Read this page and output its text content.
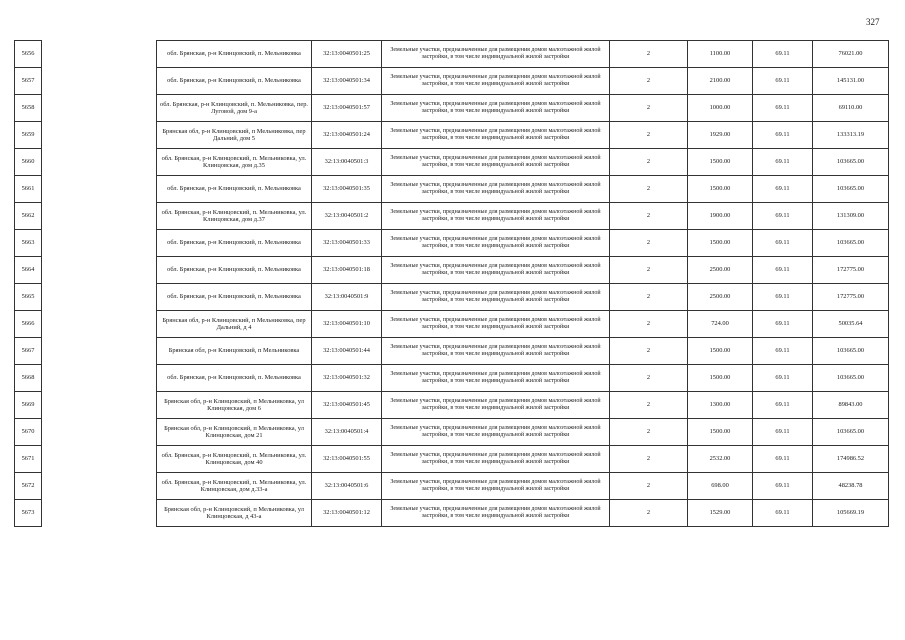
327
5656		обл. Брянская, р-н Клинцовский, п. Мельниковка	32:13:0040501:25	Земельные участки, предназначенные для размещения домов малоэтажной жилой застройки, в том числе индивидуальной жилой застройки	2	1100.00	69.11	76021.00
5657		обл. Брянская, р-н Клинцовский, п. Мельниковка	32:13:0040501:34	Земельные участки, предназначенные для размещения домов малоэтажной жилой застройки, в том числе индивидуальной жилой застройки	2	2100.00	69.11	145131.00
5658		обл. Брянская, р-н Клинцовский, п. Мельниковка, пер. Луговой, дом 9-а	32:13:0040501:57	Земельные участки, предназначенные для размещения домов малоэтажной жилой застройки, в том числе индивидуальной жилой застройки	2	1000.00	69.11	69110.00
5659		Брянская обл, р-н Клинцовский, п Мельниковка, пер Дальний, дом 5	32:13:0040501:24	Земельные участки, предназначенные для размещения домов малоэтажной жилой застройки, в том числе индивидуальной жилой застройки	2	1929.00	69.11	133313.19
5660		обл. Брянская, р-н Клинцовский, п. Мельниковка, ул. Клинцовская, дом д.35	32:13:0040501:3	Земельные участки, предназначенные для размещения домов малоэтажной жилой застройки, в том числе индивидуальной жилой застройки	2	1500.00	69.11	103665.00
5661		обл. Брянская, р-н Клинцовский, п. Мельниковка	32:13:0040501:35	Земельные участки, предназначенные для размещения домов малоэтажной жилой застройки, в том числе индивидуальной жилой застройки	2	1500.00	69.11	103665.00
5662		обл. Брянская, р-н Клинцовский, п. Мельниковка, ул. Клинцовская, дом д.37	32:13:0040501:2	Земельные участки, предназначенные для размещения домов малоэтажной жилой застройки, в том числе индивидуальной жилой застройки	2	1900.00	69.11	131309.00
5663		обл. Брянская, р-н Клинцовский, п. Мельниковка	32:13:0040501:33	Земельные участки, предназначенные для размещения домов малоэтажной жилой застройки, в том числе индивидуальной жилой застройки	2	1500.00	69.11	103665.00
5664		обл. Брянская, р-н Клинцовский, п. Мельниковка	32:13:0040501:18	Земельные участки, предназначенные для размещения домов малоэтажной жилой застройки, в том числе индивидуальной жилой застройки	2	2500.00	69.11	172775.00
5665		обл. Брянская, р-н Клинцовский, п. Мельниковка	32:13:0040501:9	Земельные участки, предназначенные для размещения домов малоэтажной жилой застройки, в том числе индивидуальной жилой застройки	2	2500.00	69.11	172775.00
5666		Брянская обл, р-н Клинцовский, п Мельниковка, пер Дальний, д 4	32:13:0040501:10	Земельные участки, предназначенные для размещения домов малоэтажной жилой застройки, в том числе индивидуальной жилой застройки	2	724.00	69.11	50035.64
5667		Брянская обл, р-н Клинцовский, п Мельниковка	32:13:0040501:44	Земельные участки, предназначенные для размещения домов малоэтажной жилой застройки, в том числе индивидуальной жилой застройки	2	1500.00	69.11	103665.00
5668		обл. Брянская, р-н Клинцовский, п. Мельниковка	32:13:0040501:32	Земельные участки, предназначенные для размещения домов малоэтажной жилой застройки, в том числе индивидуальной жилой застройки	2	1500.00	69.11	103665.00
5669		Брянская обл, р-н Клинцовский, п Мельниковка, ул Клинцовская, дом 6	32:13:0040501:45	Земельные участки, предназначенные для размещения домов малоэтажной жилой застройки, в том числе индивидуальной жилой застройки	2	1300.00	69.11	89843.00
5670		Брянская обл, р-н Клинцовский, п Мельниковка, ул Клинцовская, дом 21	32:13:0040501:4	Земельные участки, предназначенные для размещения домов малоэтажной жилой застройки, в том числе индивидуальной жилой застройки	2	1500.00	69.11	103665.00
5671		обл. Брянская, р-н Клинцовский, п. Мельниковка, ул. Клинцовская, дом 40	32:13:0040501:55	Земельные участки, предназначенные для размещения домов малоэтажной жилой застройки, в том числе индивидуальной жилой застройки	2	2532.00	69.11	174986.52
5672		обл. Брянская, р-н Клинцовский, п. Мельниковка, ул. Клинцовская, дом д.33-а	32:13:0040501:6	Земельные участки, предназначенные для размещения домов малоэтажной жилой застройки, в том числе индивидуальной жилой застройки	2	698.00	69.11	48238.78
5673		Брянская обл, р-н Клинцовский, п Мельниковка, ул Клинцовская, д 43-а	32:13:0040501:12	Земельные участки, предназначенные для размещения домов малоэтажной жилой застройки, в том числе индивидуальной жилой застройки	2	1529.00	69.11	105669.19
